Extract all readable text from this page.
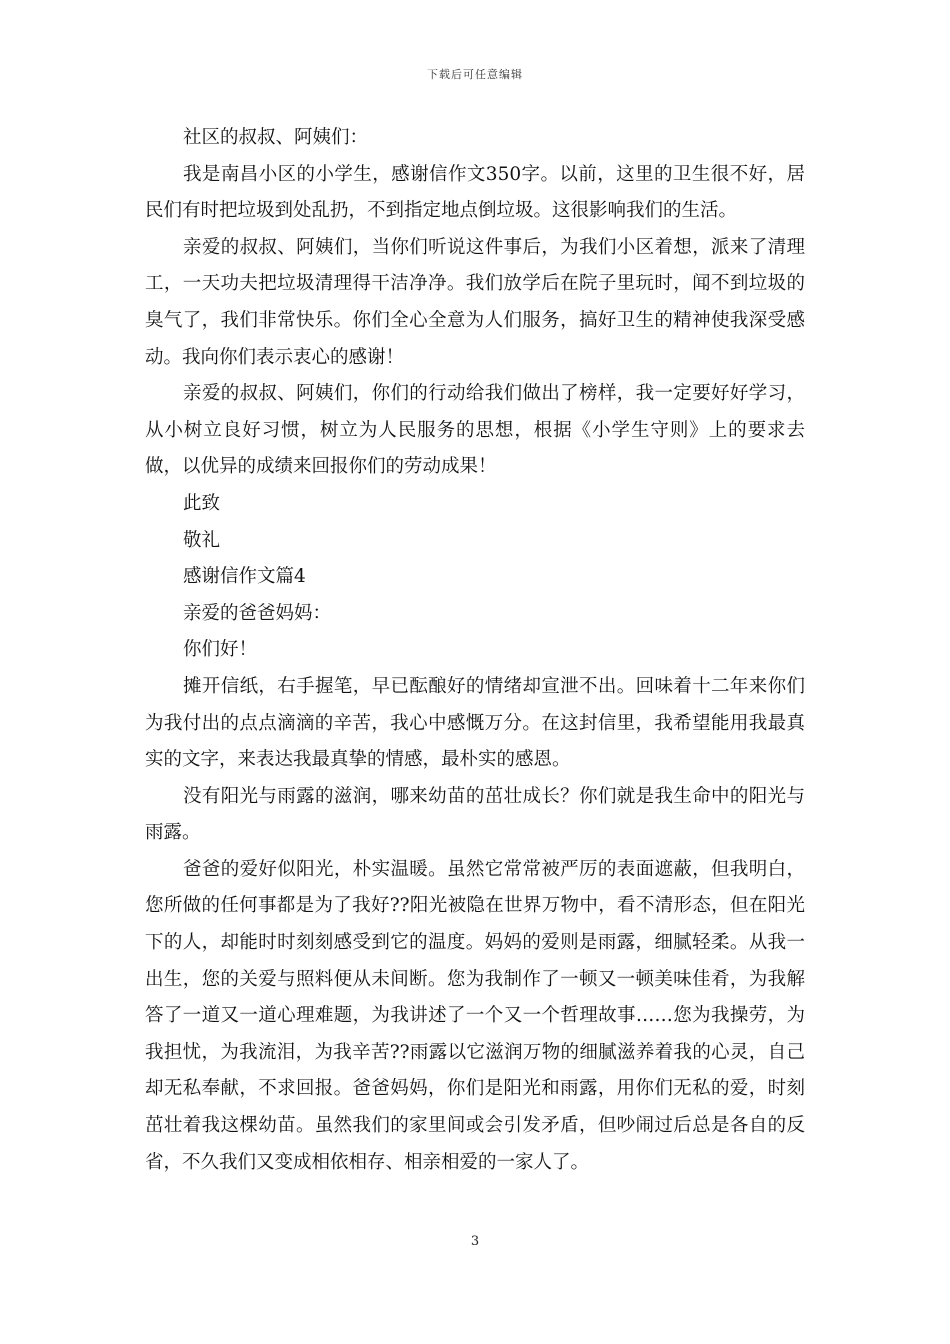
下载后可任意编辑

社区的叔叔、阿姨们：

我是南昌小区的小学生，感谢信作文350字。以前，这里的卫生很不好，居民们有时把垃圾到处乱扔，不到指定地点倒垃圾。这很影响我们的生活。

亲爱的叔叔、阿姨们，当你们听说这件事后，为我们小区着想，派来了清理工，一天功夫把垃圾清理得干洁净净。我们放学后在院子里玩时，闻不到垃圾的臭气了，我们非常快乐。你们全心全意为人们服务，搞好卫生的精神使我深受感动。我向你们表示衷心的感谢！

亲爱的叔叔、阿姨们，你们的行动给我们做出了榜样，我一定要好好学习，从小树立良好习惯，树立为人民服务的思想，根据《小学生守则》上的要求去做，以优异的成绩来回报你们的劳动成果！

此致

敬礼

感谢信作文篇4

亲爱的爸爸妈妈：

你们好！

摊开信纸，右手握笔，早已酝酿好的情绪却宣泄不出。回味着十二年来你们为我付出的点点滴滴的辛苦，我心中感慨万分。在这封信里，我希望能用我最真实的文字，来表达我最真挚的情感，最朴实的感恩。

没有阳光与雨露的滋润，哪来幼苗的茁壮成长？你们就是我生命中的阳光与雨露。

爸爸的爱好似阳光，朴实温暖。虽然它常常被严厉的表面遮蔽，但我明白，您所做的任何事都是为了我好??阳光被隐在世界万物中，看不清形态，但在阳光下的人，却能时时刻刻感受到它的温度。妈妈的爱则是雨露，细腻轻柔。从我一出生，您的关爱与照料便从未间断。您为我制作了一顿又一顿美味佳肴，为我解答了一道又一道心理难题，为我讲述了一个又一个哲理故事……您为我操劳，为我担忧，为我流泪，为我辛苦??雨露以它滋润万物的细腻滋养着我的心灵，自己却无私奉献，不求回报。爸爸妈妈，你们是阳光和雨露，用你们无私的爱，时刻茁壮着我这棵幼苗。虽然我们的家里间或会引发矛盾，但吵闹过后总是各自的反省，不久我们又变成相依相存、相亲相爱的一家人了。

3
